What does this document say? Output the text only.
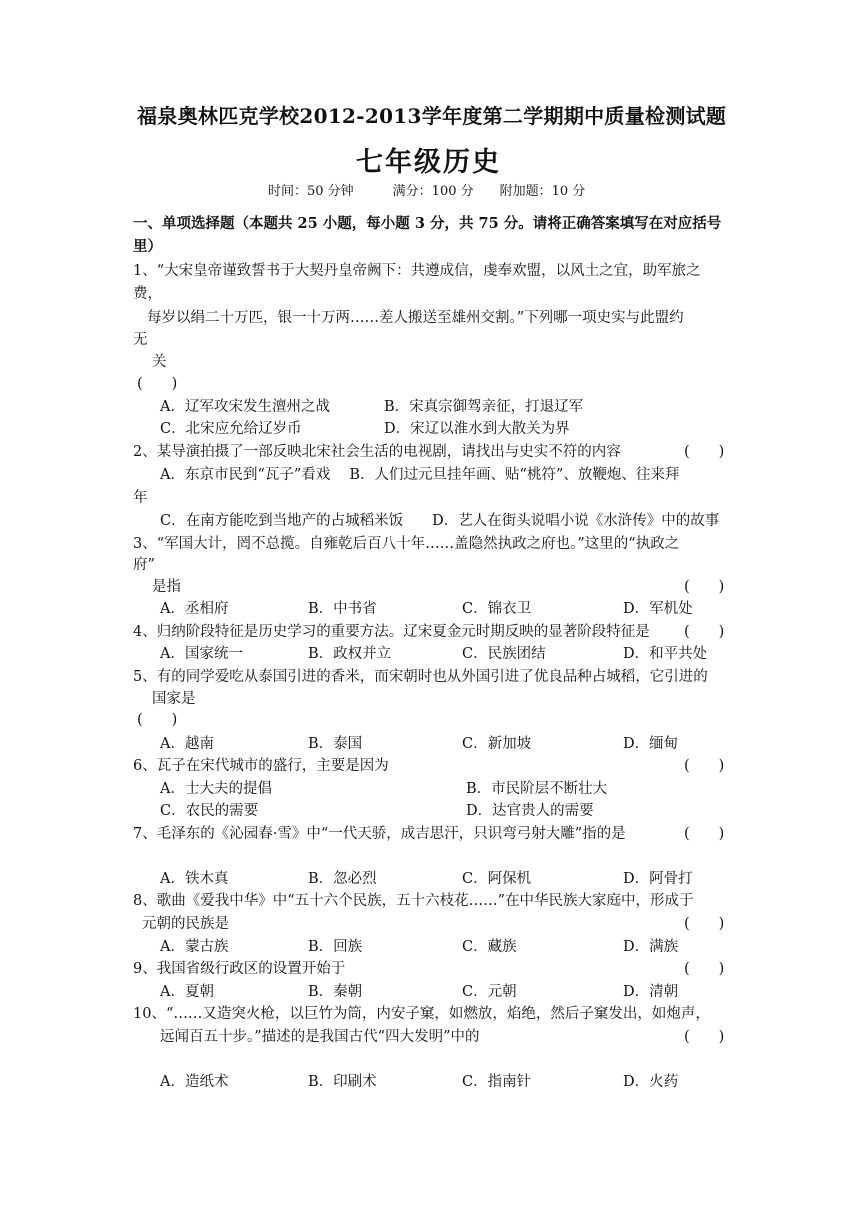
福泉奥林匹克学校2012-2013学年度第二学期期中质量检测试题
七年级历史
时间：50 分钟　　　满分：100 分　　附加题：10 分
一、单项选择题（本题共 25 小题，每小题 3 分，共 75 分。请将正确答案填写在对应括号
里）
1、“大宋皇帝谨致誓书于大契丹皇帝阙下：共遵成信，虔奉欢盟，以风土之宜，助军旅之
费，
每岁以绢二十万匹，银一十万两……差人搬送至雄州交割。”下列哪一项史实与此盟约
无
关
(　　)
A．辽军攻宋发生澶州之战	B．宋真宗御驾亲征，打退辽军
C．北宋应允给辽岁币	D．宋辽以淮水到大散关为界
2、某导演拍摄了一部反映北宋社会生活的电视剧，请找出与史实不符的内容	(　　)
A．东京市民到“瓦子”看戏　 B．人们过元旦挂年画、贴“桃符”、放鞭炮、往来拜
年
C．在南方能吃到当地产的占城稻米饭　　D．艺人在街头说唱小说《水浒传》中的故事
3、“军国大计，罔不总揽。自雍乾后百八十年……盖隐然执政之府也。”这里的“执政之
府”
是指	(　　)
A．丞相府	B．中书省	C．锦衣卫	D．军机处
4、归纳阶段特征是历史学习的重要方法。辽宋夏金元时期反映的显著阶段特征是 (　　)
A．国家统一	B．政权并立	C．民族团结	D．和平共处
5、有的同学爱吃从泰国引进的香米，而宋朝时也从外国引进了优良品种占城稻，它引进的
国家是
(　　)
A．越南	B．泰国	C．新加坡	D．缅甸
6、瓦子在宋代城市的盛行，主要是因为	(　　)
A．士大夫的提倡	B．市民阶层不断壮大
C．农民的需要	D．达官贵人的需要
7、毛泽东的《沁园春·雪》中“一代天骄，成吉思汗，只识弯弓射大雕”指的是	(　　)
A．铁木真	B．忽必烈	C．阿保机	D．阿骨打
8、歌曲《爱我中华》中“五十六个民族，五十六枝花……”在中华民族大家庭中，形成于
元朝的民族是	(　　)
A．蒙古族	B．回族	C．藏族	D．满族
9、我国省级行政区的设置开始于	(　　)
A．夏朝	B．秦朝	C．元朝	D．清朝
10、“……又造突火枪，以巨竹为筒，内安子窠，如燃放，焰绝，然后子窠发出，如炮声，
远闻百五十步。”描述的是我国古代“四大发明”中的	(　　)
A．造纸术	B．印刷术	C．指南针	D．火药
